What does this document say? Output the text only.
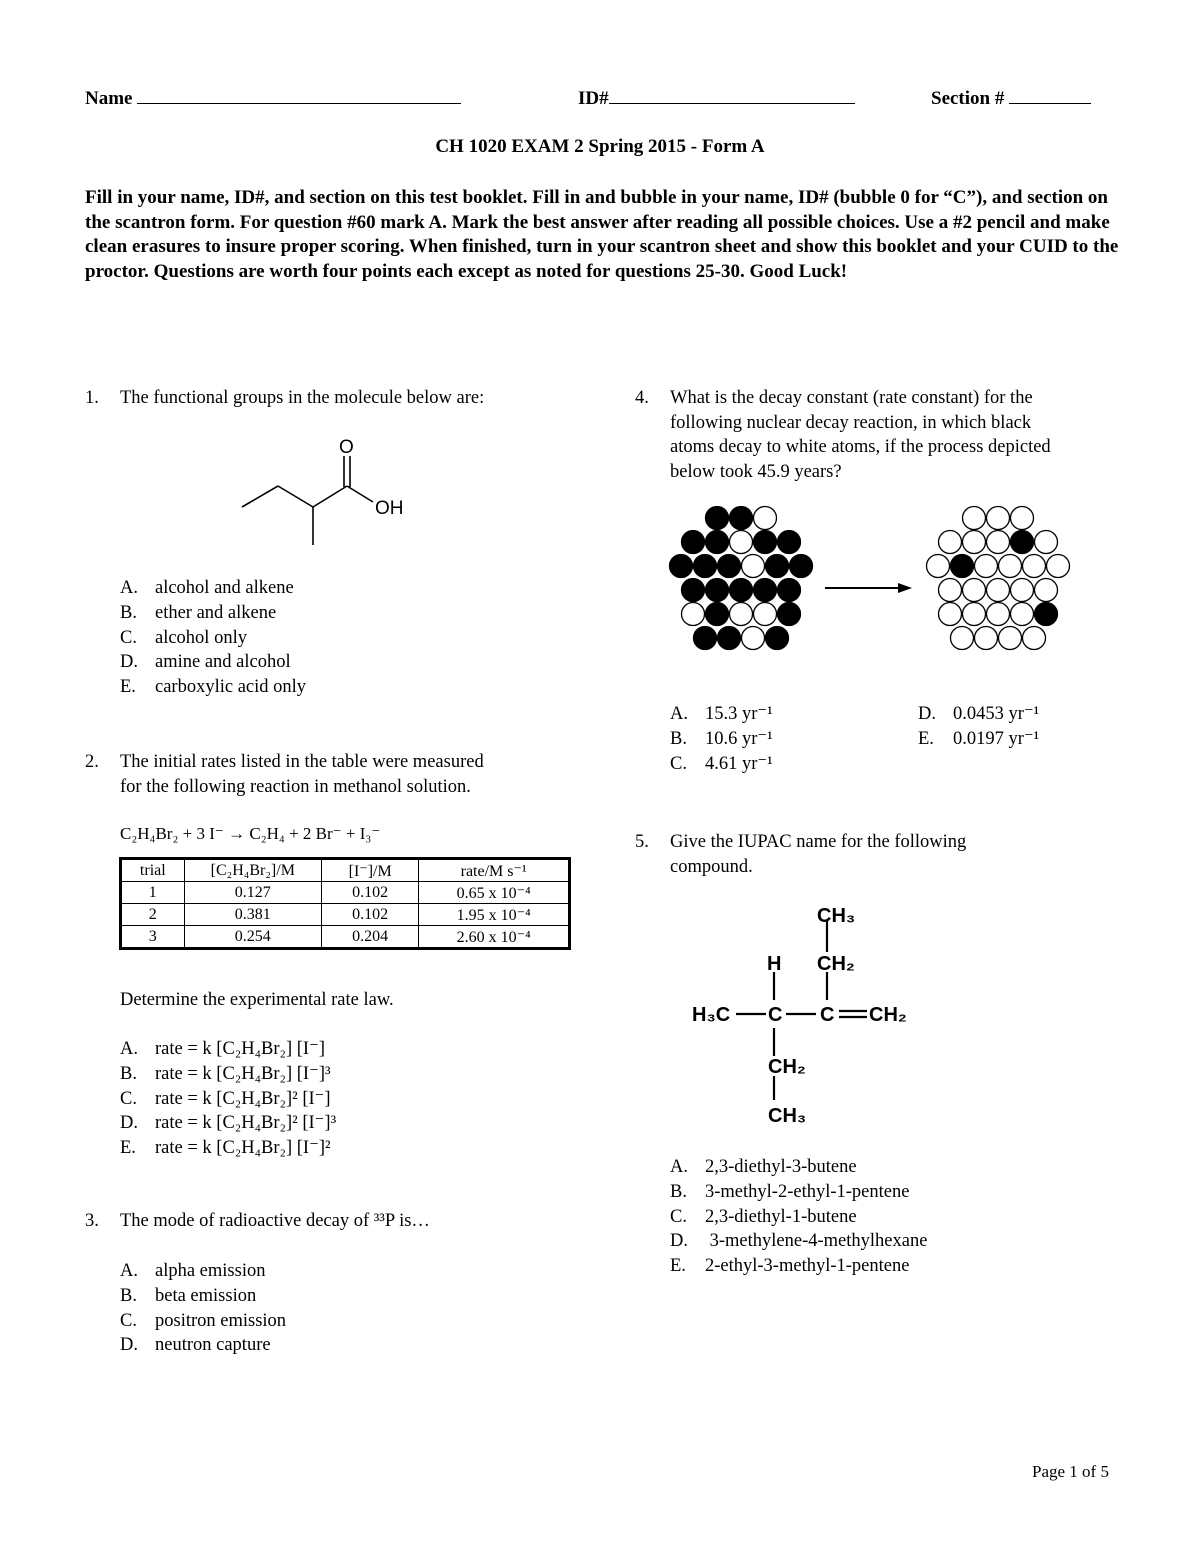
Name	ID#	Section #
CH 1020 EXAM 2 Spring 2015 - Form A
Fill in your name, ID#, and section on this test booklet. Fill in and bubble in your name, ID# (bubble 0 for “C”), and section on the scantron form. For question #60 mark A. Mark the best answer after reading all possible choices. Use a #2 pencil and make clean erasures to insure proper scoring. When finished, turn in your scantron sheet and show this booklet and your CUID to the proctor. Questions are worth four points each except as noted for questions 25-30. Good Luck!
1. The functional groups in the molecule below are:
O
OH
A. alcohol and alkene
B. ether and alkene
C. alcohol only
D. amine and alcohol
E. carboxylic acid only
2. The initial rates listed in the table were measured
for the following reaction in methanol solution.
C₂H₄Br₂ + 3 I⁻ → C₂H₄ + 2 Br⁻ + I₃⁻
trial	[C₂H₄Br₂]/M	[I⁻]/M	rate/M s⁻¹
1	0.127	0.102	0.65 x 10⁻⁴
2	0.381	0.102	1.95 x 10⁻⁴
3	0.254	0.204	2.60 x 10⁻⁴
Determine the experimental rate law.
A. rate = k [C₂H₄Br₂] [I⁻]
B. rate = k [C₂H₄Br₂] [I⁻]³
C. rate = k [C₂H₄Br₂]² [I⁻]
D. rate = k [C₂H₄Br₂]² [I⁻]³
E. rate = k [C₂H₄Br₂] [I⁻]²
3. The mode of radioactive decay of ³³P is…
A. alpha emission
B. beta emission
C. positron emission
D. neutron capture
4. What is the decay constant (rate constant) for the
following nuclear decay reaction, in which black
atoms decay to white atoms, if the process depicted
below took 45.9 years?
A. 15.3 yr⁻¹
B. 10.6 yr⁻¹
C. 4.61 yr⁻¹
D. 0.0453 yr⁻¹
E. 0.0197 yr⁻¹
5. Give the IUPAC name for the following
compound.
CH₃
H CH₂
H₃C C C CH₂
CH₂
CH₃
A. 2,3-diethyl-3-butene
B. 3-methyl-2-ethyl-1-pentene
C. 2,3-diethyl-1-butene
D. 3-methylene-4-methylhexane
E. 2-ethyl-3-methyl-1-pentene
Page 1 of 5
